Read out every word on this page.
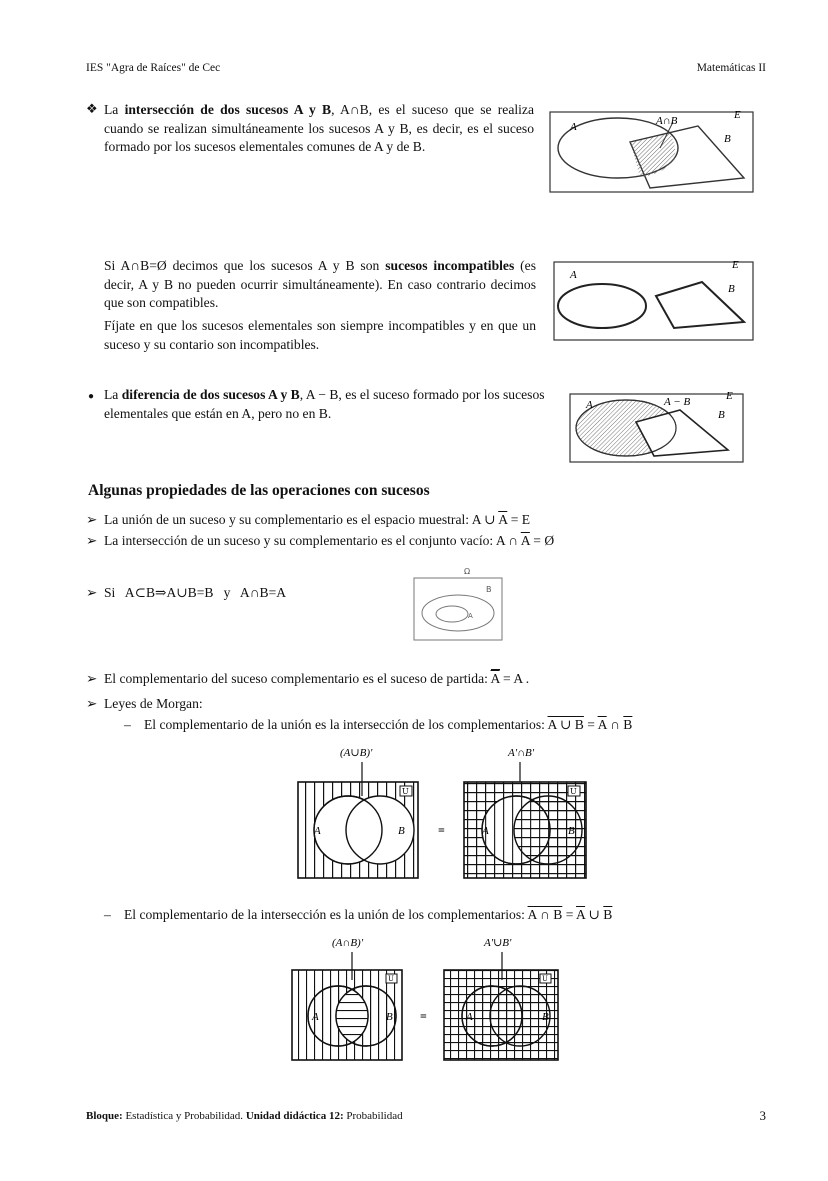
IES "Agra de Raíces" de Cec	Matemáticas II
❖ La intersección de dos sucesos A y B, A∩B, es el suceso que se realiza cuando se realizan simultáneamente los sucesos A y B, es decir, es el suceso formado por los sucesos elementales comunes de A y de B.
A	A∩B
B
E
Si A∩B=Ø decimos que los sucesos A y B son sucesos incompatibles (es decir, A y B no pueden ocurrir simultáneamente). En caso contrario decimos que son compatibles.
Fíjate en que los sucesos elementales son siempre incompatibles y en que un suceso y su contario son incompatibles.
A
B
E
● La diferencia de dos sucesos A y B, A − B, es el suceso formado por los sucesos elementales que están en A, pero no en B.
A	A − B
B
E
Algunas propiedades de las operaciones con sucesos
➢ La unión de un suceso y su complementario es el espacio muestral: A ∪ $\overline{A} = E$
➢ La intersección de un suceso y su complementario es el conjunto vacío: A ∩ $\overline{A}$ = Ø
➢ Si   A⊂B⇒A∪B=B   y   A∩B=A
Ω
B
A
➢ El complementario del suceso complementario es el suceso de partida: $\overline{A} = A$ .
➢ Leyes de Morgan:
– El complementario de la unión es la intersección de los complementarios: A ∪ $B = \overline{A}$ ∩ $\overline{B}$
(A∪B)'	A'∩B'
U
A	B	=
U
A	B
– El complementario de la intersección es la unión de los complementarios: A ∩ $B = \overline{A}$ ∪ $\overline{B}$
(A∩B)'	A'∪B'
U
A	B =
U
A	B
Bloque: Estadística y Probabilidad. Unidad didáctica 12: Probabilidad	3
